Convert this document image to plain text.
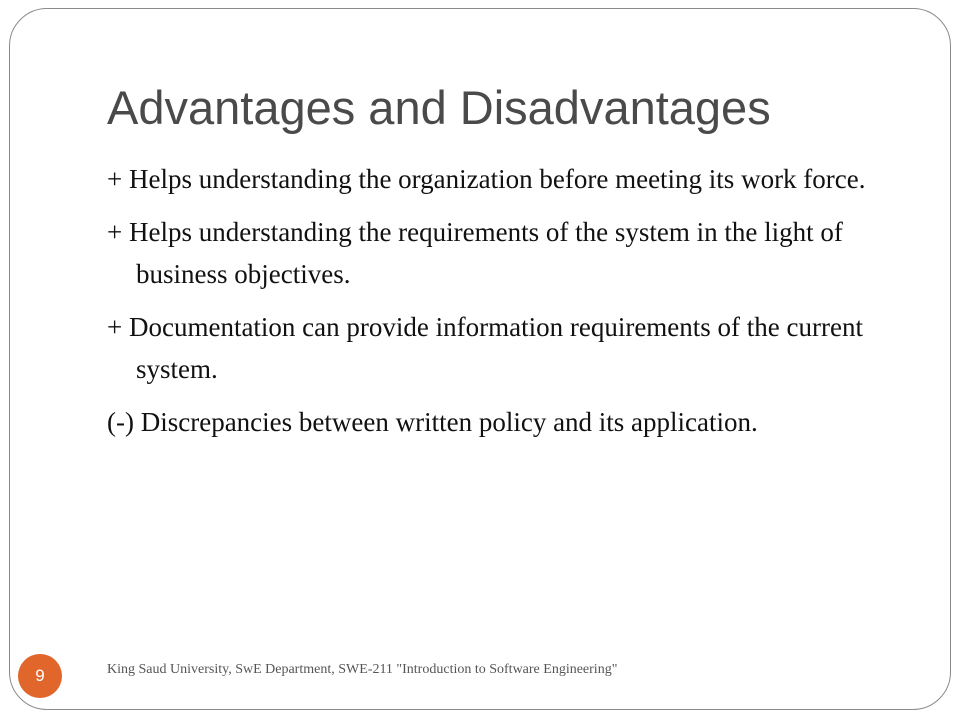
Advantages and Disadvantages

+ Helps understanding the organization before meeting its work force.

+ Helps understanding the requirements of the system in the light of business objectives.

+ Documentation can provide information requirements of the current system.

(-) Discrepancies between written policy and its application.

9	King Saud University, SwE Department, SWE-211 "Introduction to Software Engineering"
